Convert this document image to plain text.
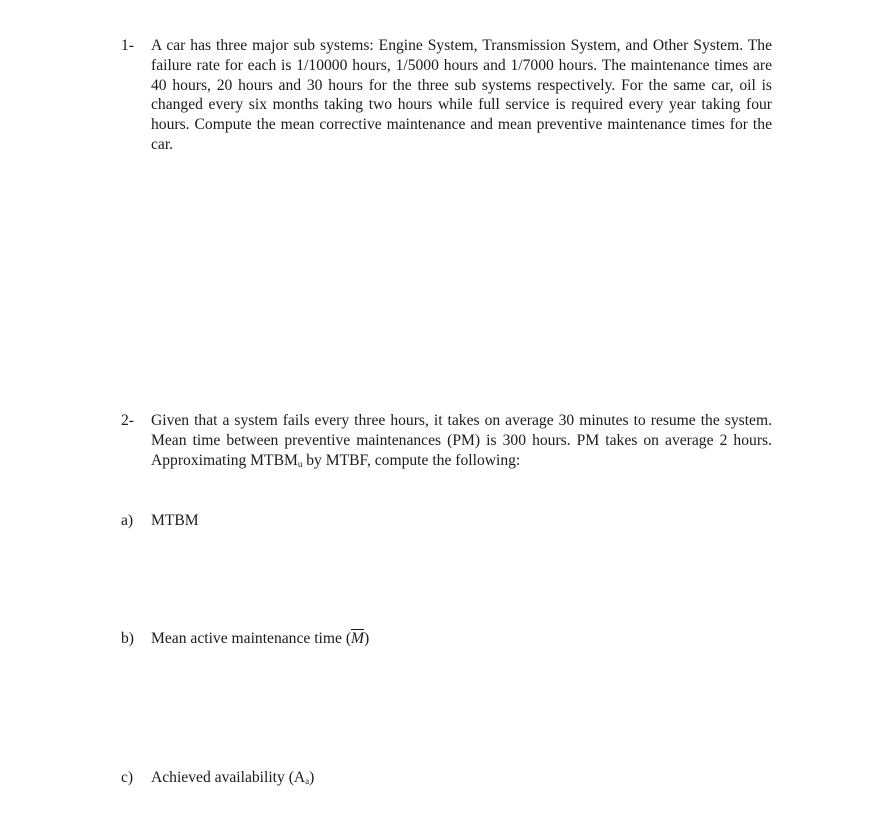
1-	A car has three major sub systems: Engine System, Transmission System, and Other System. The failure rate for each is 1/10000 hours, 1/5000 hours and 1/7000 hours. The maintenance times are 40 hours, 20 hours and 30 hours for the three sub systems respectively. For the same car, oil is changed every six months taking two hours while full service is required every year taking four hours. Compute the mean corrective maintenance and mean preventive maintenance times for the car.
2-	Given that a system fails every three hours, it takes on average 30 minutes to resume the system. Mean time between preventive maintenances (PM) is 300 hours. PM takes on average 2 hours. Approximating $MTBM_u$ by MTBF, compute the following:
a)	MTBM
b)	Mean active maintenance time $(\overline{M})$
c)	Achieved availability $(A_a)$
